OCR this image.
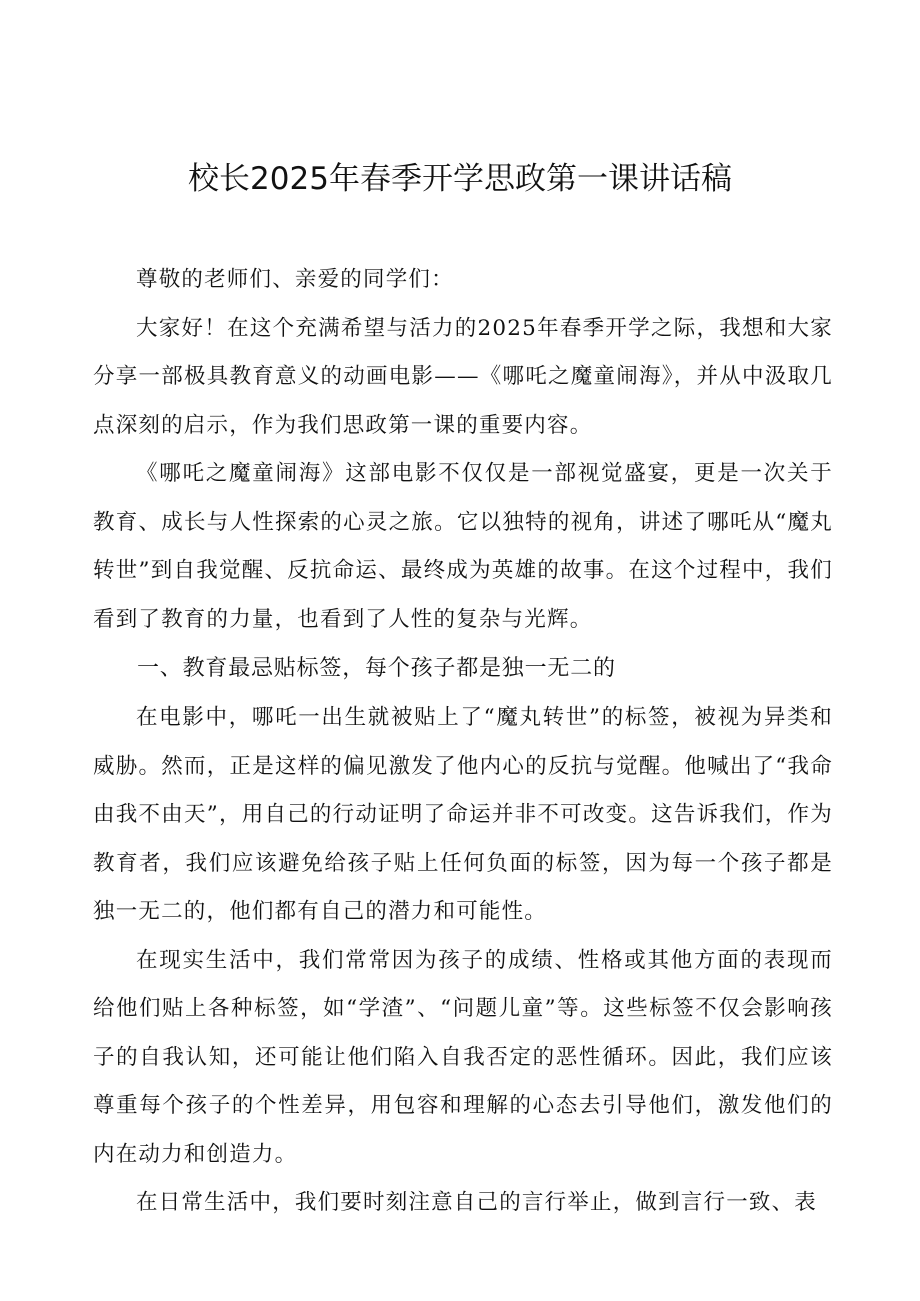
校长2025年春季开学思政第一课讲话稿

尊敬的老师们、亲爱的同学们：

大家好！在这个充满希望与活力的2025年春季开学之际，我想和大家分享一部极具教育意义的动画电影——《哪吒之魔童闹海》，并从中汲取几点深刻的启示，作为我们思政第一课的重要内容。

《哪吒之魔童闹海》这部电影不仅仅是一部视觉盛宴，更是一次关于教育、成长与人性探索的心灵之旅。它以独特的视角，讲述了哪吒从“魔丸转世”到自我觉醒、反抗命运、最终成为英雄的故事。在这个过程中，我们看到了教育的力量，也看到了人性的复杂与光辉。

一、教育最忌贴标签，每个孩子都是独一无二的

在电影中，哪吒一出生就被贴上了“魔丸转世”的标签，被视为异类和威胁。然而，正是这样的偏见激发了他内心的反抗与觉醒。他喊出了“我命由我不由天”，用自己的行动证明了命运并非不可改变。这告诉我们，作为教育者，我们应该避免给孩子贴上任何负面的标签，因为每一个孩子都是独一无二的，他们都有自己的潜力和可能性。

在现实生活中，我们常常因为孩子的成绩、性格或其他方面的表现而给他们贴上各种标签，如“学渣”、“问题儿童”等。这些标签不仅会影响孩子的自我认知，还可能让他们陷入自我否定的恶性循环。因此，我们应该尊重每个孩子的个性差异，用包容和理解的心态去引导他们，激发他们的内在动力和创造力。

在日常生活中，我们要时刻注意自己的言行举止，做到言行一致、表
